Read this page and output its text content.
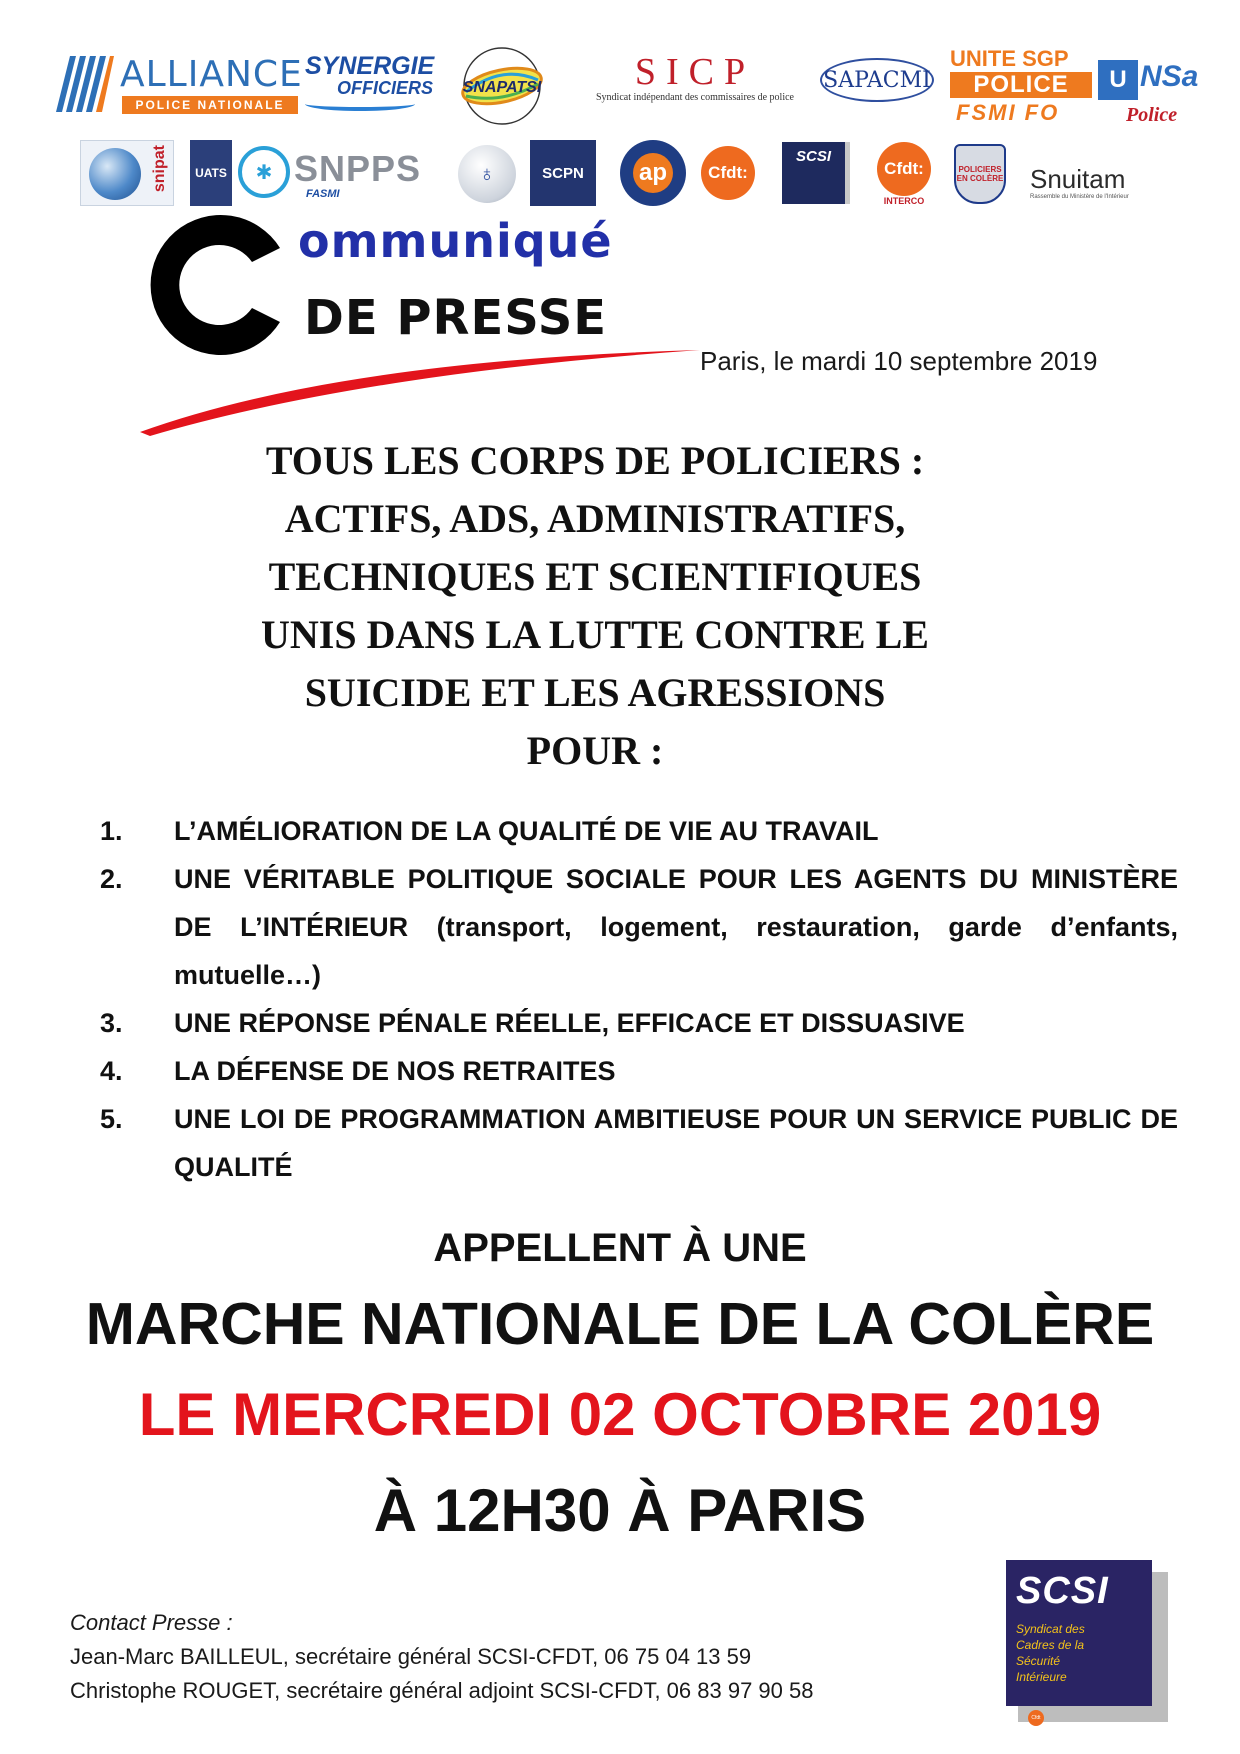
ALLIANCE
POLICE NATIONALE
SYNERGIE
OFFICIERS SNAPATSI SICP
Syndicat indépendant des commissaires de police
SAPACMI
UNITE SGP
POLICE
FSMI FO
U NSa
Police
snipat UATS	✱ SNPPS
FASMI
♁	SCPN ap	Cfdt:
SCSI
Cfdt:
INTERCO
POLICIERS EN COLÈRE Snuitam
Rassemble du Ministère de l'Intérieur
ommuniqué
DE PRESSE
Paris, le mardi 10 septembre 2019
TOUS LES CORPS DE POLICIERS :
ACTIFS, ADS, ADMINISTRATIFS,
TECHNIQUES ET SCIENTIFIQUES
UNIS DANS LA LUTTE CONTRE LE
SUICIDE ET LES AGRESSIONS
POUR :
1. L’AMÉLIORATION DE LA QUALITÉ DE VIE AU TRAVAIL
2. UNE VÉRITABLE POLITIQUE SOCIALE POUR LES AGENTS DU MINISTÈRE DE L’INTÉRIEUR (transport, logement, restauration, garde d’enfants, mutuelle…)
3. UNE RÉPONSE PÉNALE RÉELLE, EFFICACE ET DISSUASIVE
4. LA DÉFENSE DE NOS RETRAITES
5. UNE LOI DE PROGRAMMATION AMBITIEUSE POUR UN SERVICE PUBLIC DE QUALITÉ
APPELLENT À UNE
MARCHE NATIONALE DE LA COLÈRE
LE MERCREDI 02 OCTOBRE 2019
À 12H30 À PARIS
Contact Presse :
Jean-Marc BAILLEUL, secrétaire général SCSI-CFDT, 06 75 04 13 59
Christophe ROUGET, secrétaire général adjoint SCSI-CFDT, 06 83 97 90 58
SCSI
Syndicat des
Cadres de la
Sécurité
Intérieure
Cfdt
